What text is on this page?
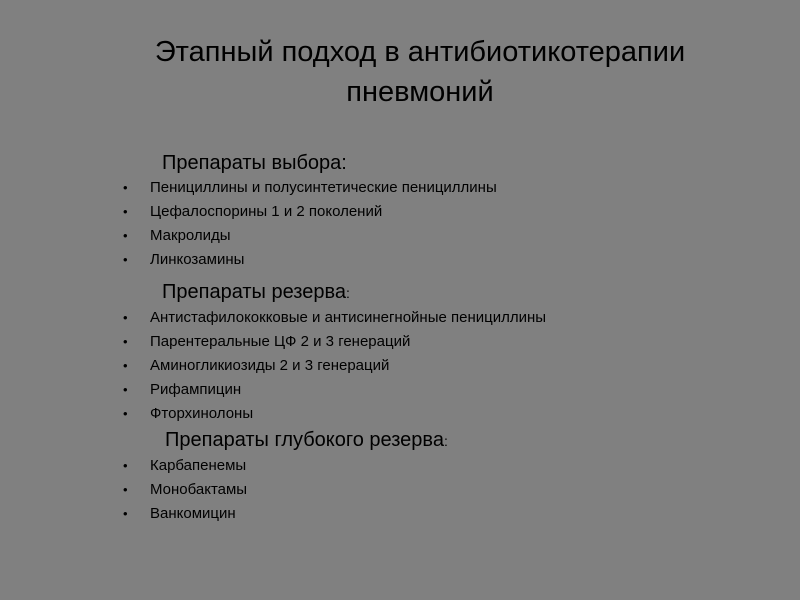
Этапный подход в антибиотикотерапии
пневмоний
Препараты выбора:
• Пенициллины и полусинтетические пенициллины
• Цефалоспорины 1 и 2 поколений
• Макролиды
• Линкозамины
Препараты резерва:
• Антистафилококковые и антисинегнойные пенициллины
• Парентеральные ЦФ 2 и 3 генераций
• Аминогликиозиды 2 и 3 генераций
• Рифампицин
• Фторхинолоны
Препараты глубокого резерва:
• Карбапенемы
• Монобактамы
• Ванкомицин
